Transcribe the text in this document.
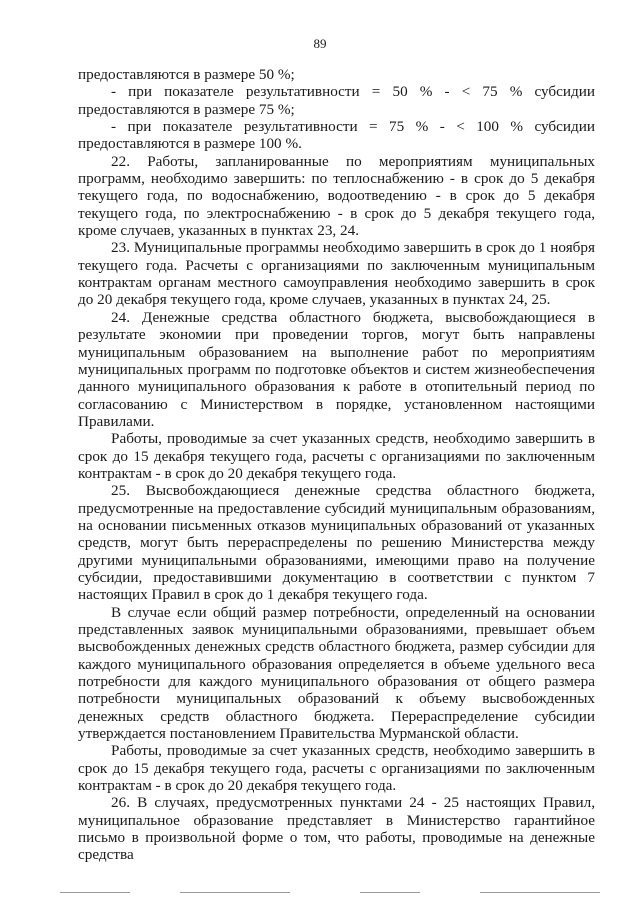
89

предоставляются в размере 50 %;

- при показателе результативности = 50 % - < 75 % субсидии предоставляются в размере 75 %;

- при показателе результативности = 75 % - < 100 % субсидии предоставляются в размере 100 %.

22. Работы, запланированные по мероприятиям муниципальных программ, необходимо завершить: по теплоснабжению - в срок до 5 декабря текущего года, по водоснабжению, водоотведению - в срок до 5 декабря текущего года, по электроснабжению - в срок до 5 декабря текущего года, кроме случаев, указанных в пунктах 23, 24.

23. Муниципальные программы необходимо завершить в срок до 1 ноября текущего года. Расчеты с организациями по заключенным муниципальным контрактам органам местного самоуправления необходимо завершить в срок до 20 декабря текущего года, кроме случаев, указанных в пунктах 24, 25.

24. Денежные средства областного бюджета, высвобождающиеся в результате экономии при проведении торгов, могут быть направлены муниципальным образованием на выполнение работ по мероприятиям муниципальных программ по подготовке объектов и систем жизнеобеспечения данного муниципального образования к работе в отопительный период по согласованию с Министерством в порядке, установленном настоящими Правилами.

Работы, проводимые за счет указанных средств, необходимо завершить в срок до 15 декабря текущего года, расчеты с организациями по заключенным контрактам - в срок до 20 декабря текущего года.

25. Высвобождающиеся денежные средства областного бюджета, предусмотренные на предоставление субсидий муниципальным образованиям, на основании письменных отказов муниципальных образований от указанных средств, могут быть перераспределены по решению Министерства между другими муниципальными образованиями, имеющими право на получение субсидии, предоставившими документацию в соответствии с пунктом 7 настоящих Правил в срок до 1 декабря текущего года.

В случае если общий размер потребности, определенный на основании представленных заявок муниципальными образованиями, превышает объем высвобожденных денежных средств областного бюджета, размер субсидии для каждого муниципального образования определяется в объеме удельного веса потребности для каждого муниципального образования от общего размера потребности муниципальных образований к объему высвобожденных денежных средств областного бюджета. Перераспределение субсидии утверждается постановлением Правительства Мурманской области.

Работы, проводимые за счет указанных средств, необходимо завершить в срок до 15 декабря текущего года, расчеты с организациями по заключенным контрактам - в срок до 20 декабря текущего года.

26. В случаях, предусмотренных пунктами 24 - 25 настоящих Правил, муниципальное образование представляет в Министерство гарантийное письмо в произвольной форме о том, что работы, проводимые на денежные средства
